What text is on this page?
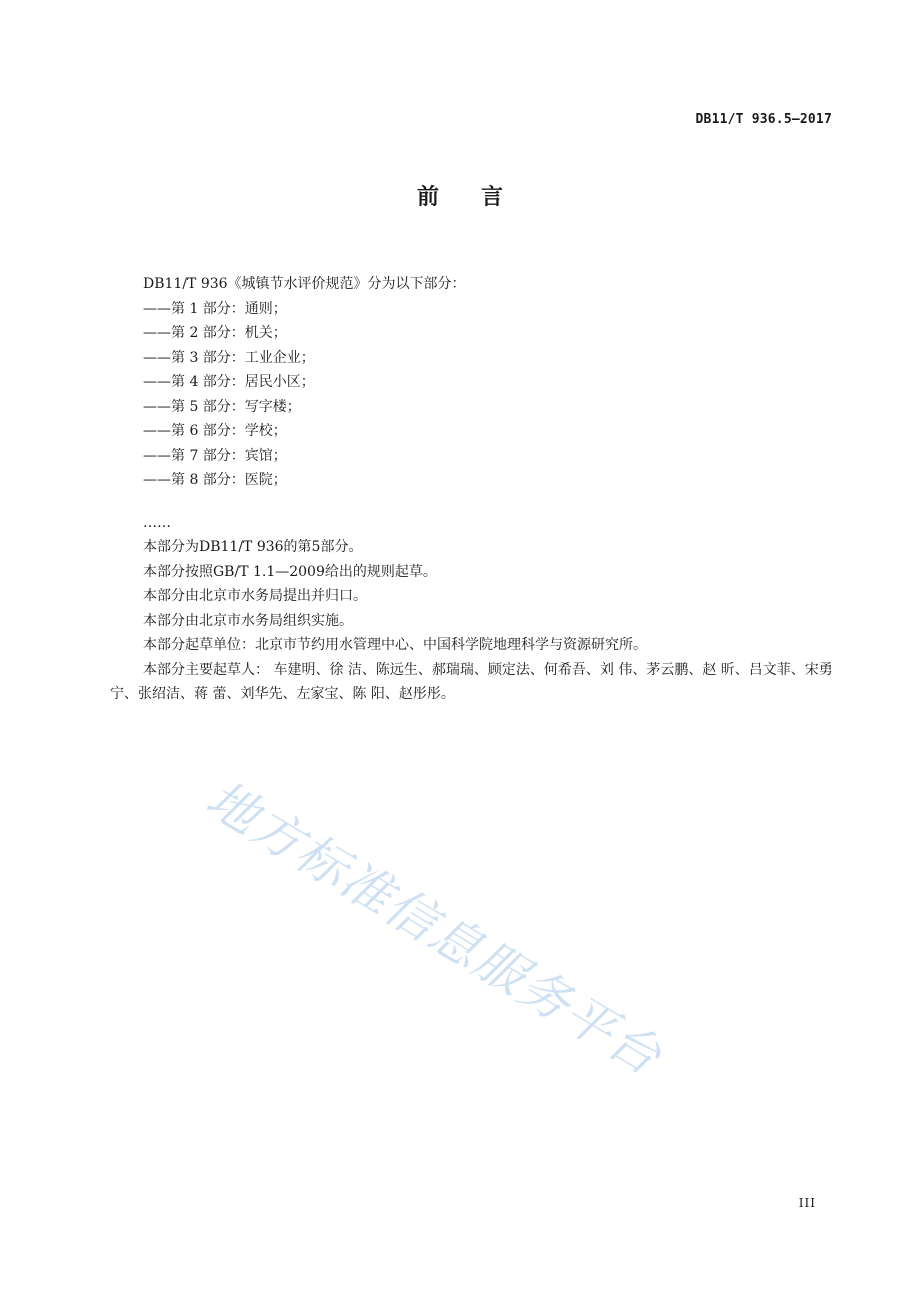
DB11/T 936.5—2017
前 言

DB11/T 936《城镇节水评价规范》分为以下部分：

——第 1 部分：通则；

——第 2 部分：机关；

——第 3 部分：工业企业；

——第 4 部分：居民小区；

——第 5 部分：写字楼；

——第 6 部分：学校；

——第 7 部分：宾馆；

——第 8 部分：医院；

……

本部分为DB11/T 936的第5部分。

本部分按照GB/T 1.1—2009给出的规则起草。

本部分由北京市水务局提出并归口。

本部分由北京市水务局组织实施。

本部分起草单位：北京市节约用水管理中心、中国科学院地理科学与资源研究所。

本部分主要起草人： 车建明、徐 洁、陈远生、郝瑞瑞、顾定法、何希吾、刘 伟、茅云鹏、赵 昕、吕文菲、宋勇宁、张绍洁、蒋 蕾、刘华先、左家宝、陈 阳、赵彤彤。

地方标准信息服务平台
III
